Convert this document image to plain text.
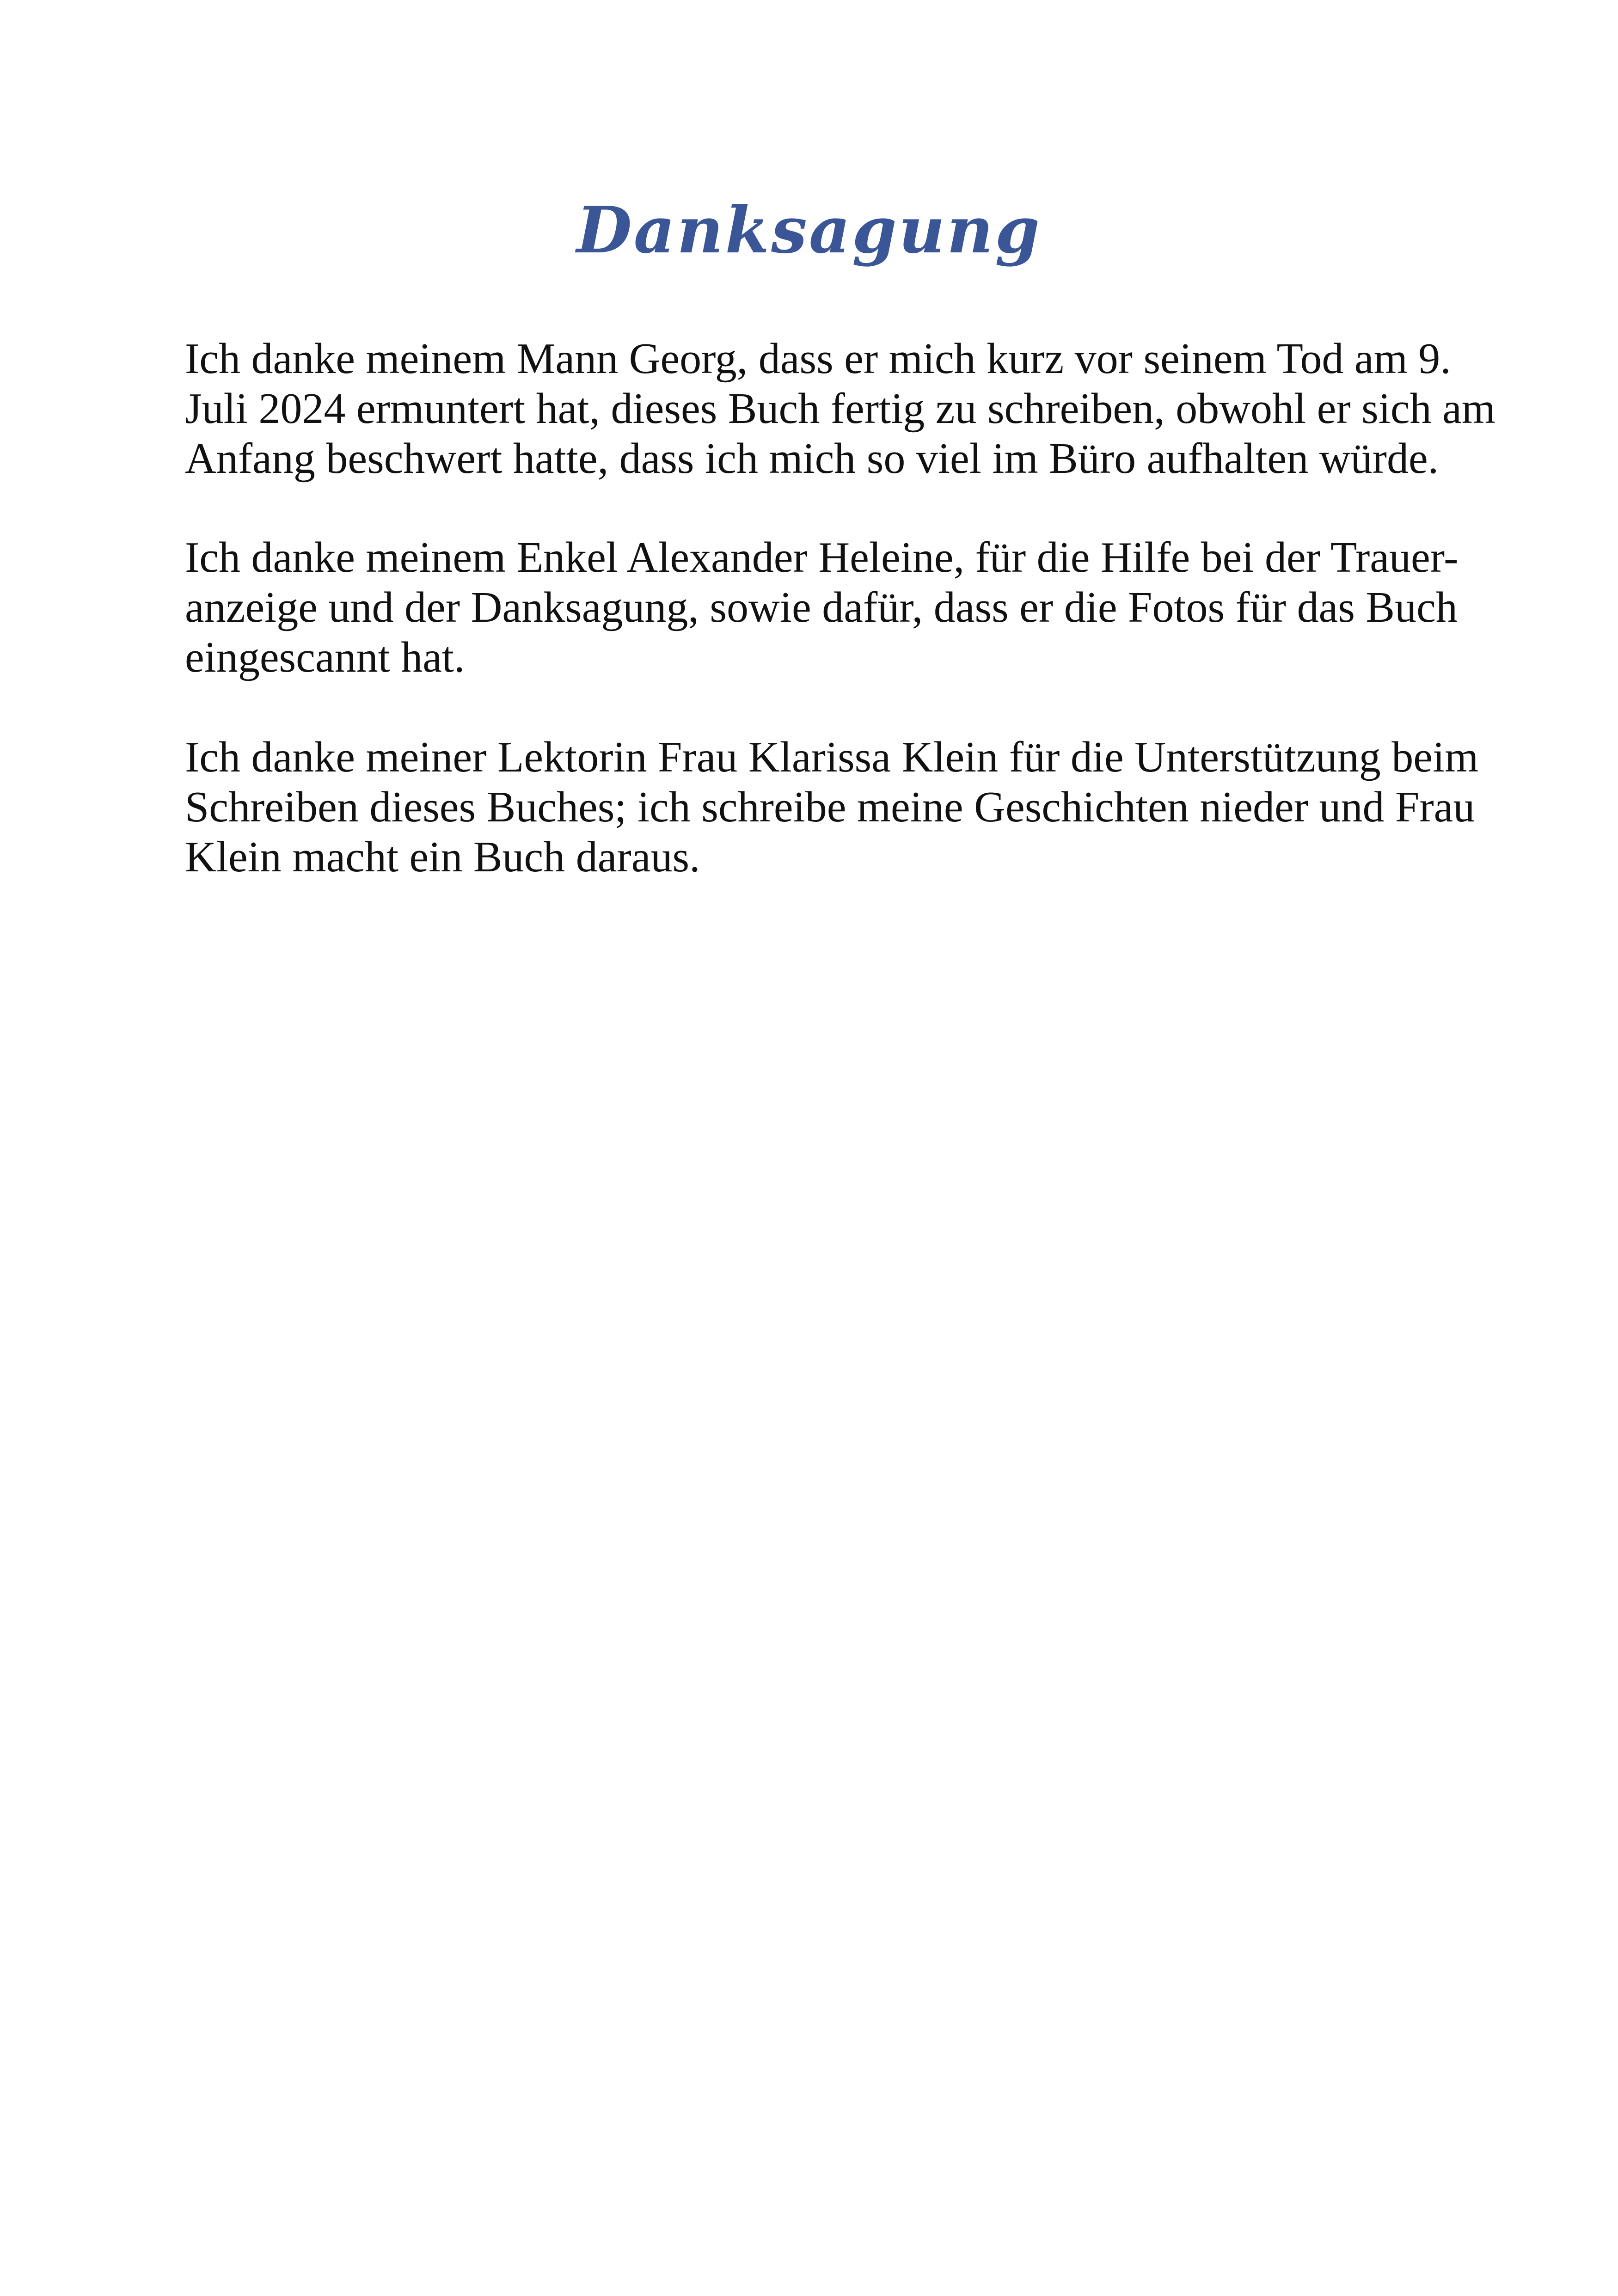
Danksagung
Ich danke meinem Mann Georg, dass er mich kurz vor seinem Tod am 9.
Juli 2024 ermuntert hat, dieses Buch fertig zu schreiben, obwohl er sich am
Anfang beschwert hatte, dass ich mich so viel im Büro aufhalten würde.
Ich danke meinem Enkel Alexander Heleine, für die Hilfe bei der Trauer-
anzeige und der Danksagung, sowie dafür, dass er die Fotos für das Buch
eingescannt hat.
Ich danke meiner Lektorin Frau Klarissa Klein für die Unterstützung beim
Schreiben dieses Buches; ich schreibe meine Geschichten nieder und Frau
Klein macht ein Buch daraus.
